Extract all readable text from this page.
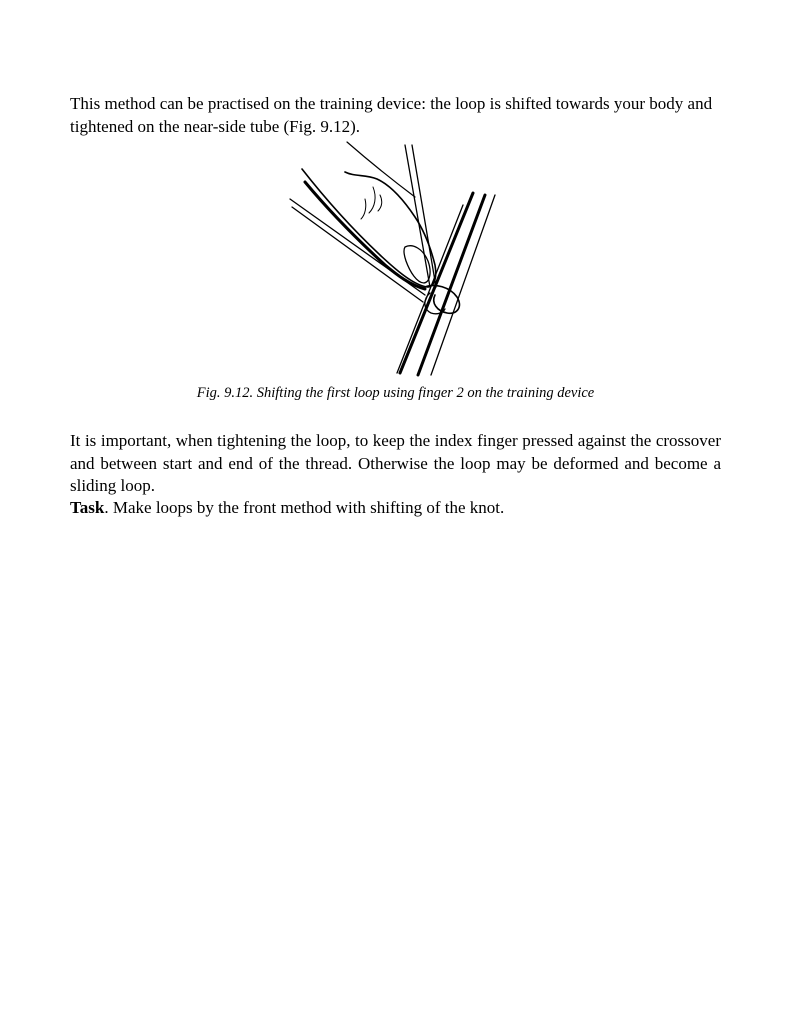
This method can be practised on the training device: the loop is shifted towards your body and tightened on the near-side tube (Fig. 9.12).

Fig. 9.12. Shifting the first loop using finger 2 on the training device

It is important, when tightening the loop, to keep the index finger pressed against the crossover and between start and end of the thread. Otherwise the loop may be deformed and become a sliding loop.

Task. Make loops by the front method with shifting of the knot.
